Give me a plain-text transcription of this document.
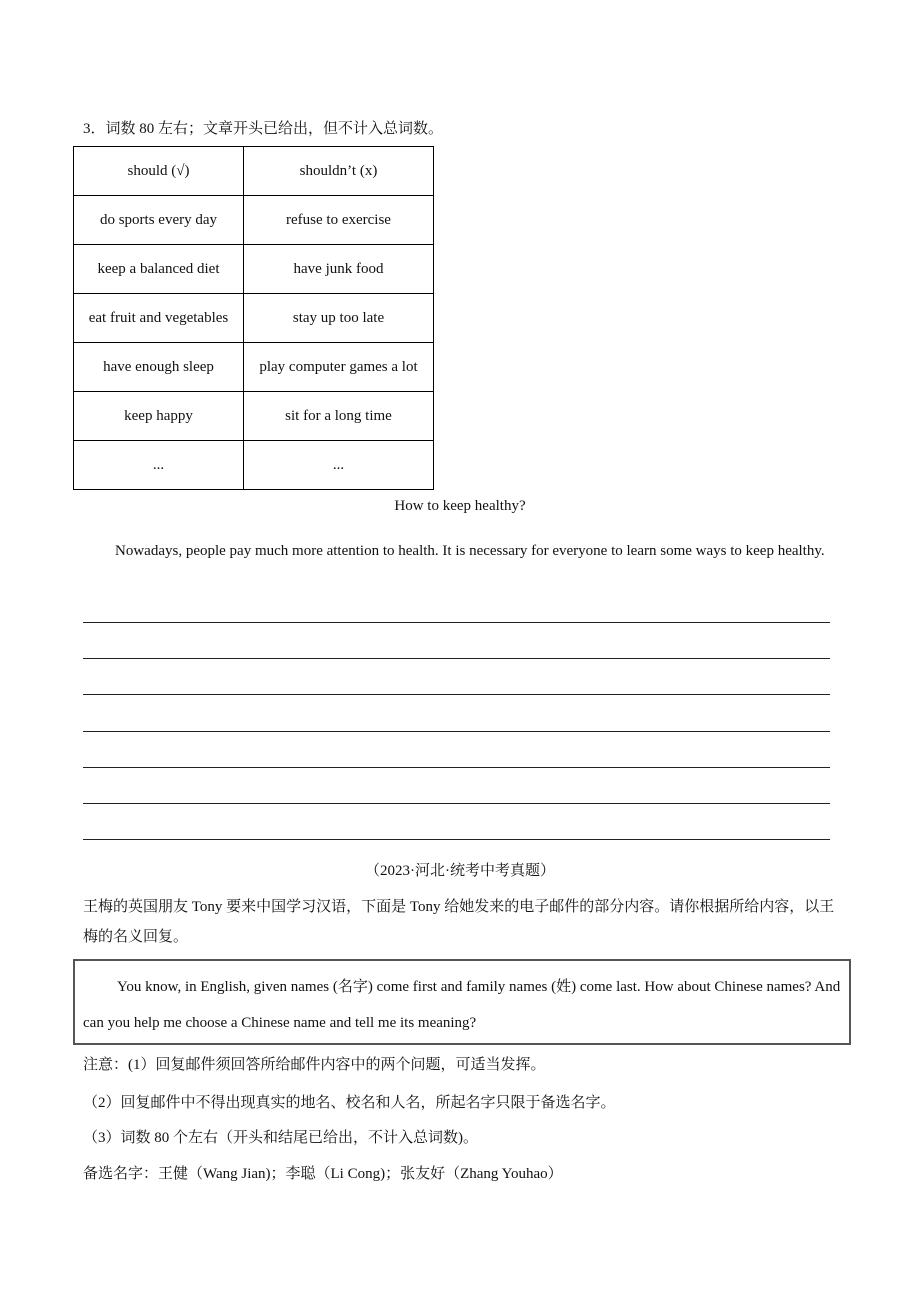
3．词数 80 左右；文章开头已给出，但不计入总词数。
should (√)	shouldn’t (x)
do sports every day	refuse to exercise
keep a balanced diet	have junk food
eat fruit and vegetables	stay up too late
have enough sleep	play computer games a lot
keep happy	sit for a long time
...	...
How to keep healthy?
Nowadays, people pay much more attention to health. It is necessary for everyone to learn some ways to keep healthy.
（2023·河北·统考中考真题）
王梅的英国朋友 Tony 要来中国学习汉语，下面是 Tony 给她发来的电子邮件的部分内容。请你根据所给内容，以王梅的名义回复。
You know, in English, given names (名字) come first and family names (姓) come last. How about Chinese names? And can you help me choose a Chinese name and tell me its meaning?
注意：(1）回复邮件须回答所给邮件内容中的两个问题，可适当发挥。
（2）回复邮件中不得出现真实的地名、校名和人名，所起名字只限于备选名字。
（3）词数 80 个左右（开头和结尾已给出，不计入总词数)。
备选名字：王健（Wang Jian)；李聪（Li Cong)；张友好（Zhang Youhao）
